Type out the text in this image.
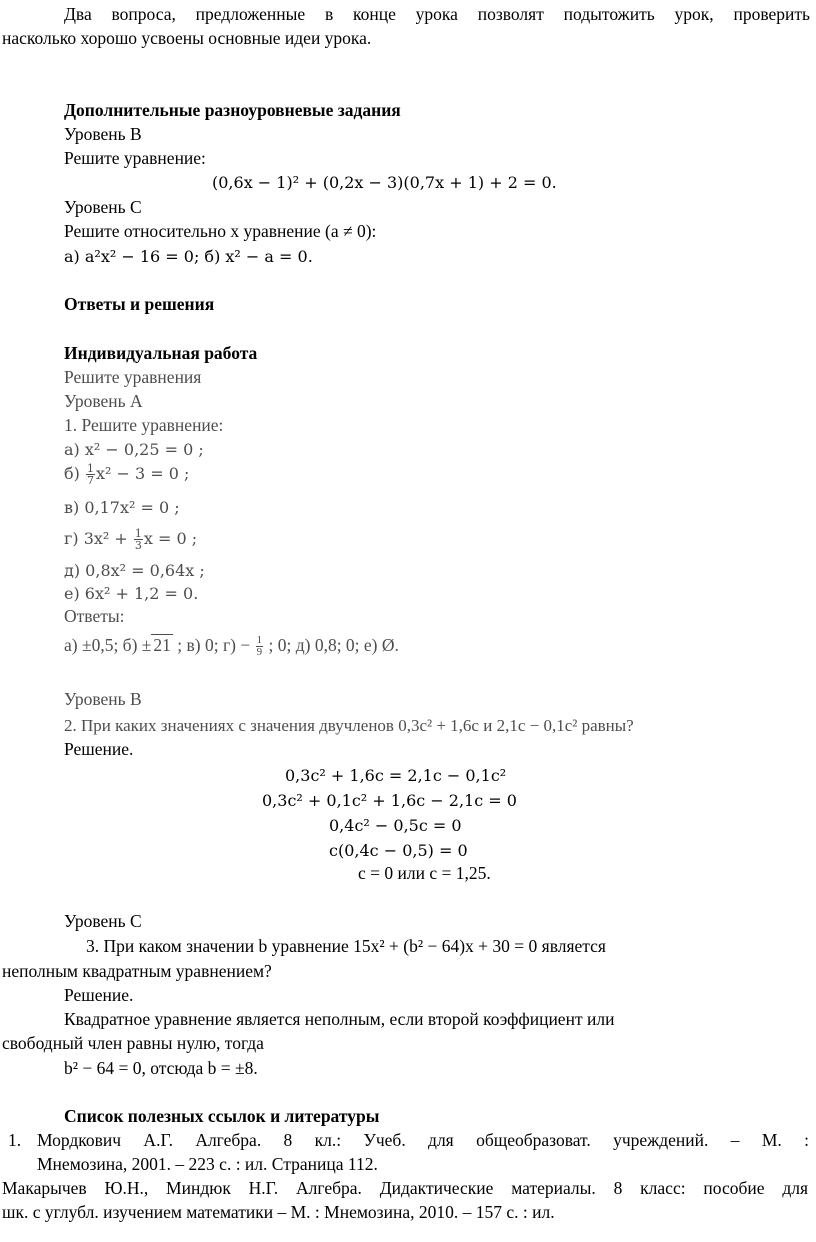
Два вопроса, предложенные в конце урока позволят подытожить урок, проверить
насколько хорошо усвоены основные идеи урока.
Дополнительные разноуровневые задания
Уровень B
Решите уравнение:
(0,6x − 1)² + (0,2x − 3)(0,7x + 1) + 2 = 0.
Уровень C
Решите относительно x уравнение (a ≠ 0):
а) a²x² − 16 = 0; б) x² − a = 0.
Ответы и решения
Индивидуальная работа
Решите уравнения
Уровень А
1. Решите уравнение:
а) x² − 0,25 = 0 ;
$б) \frac{1}{7} x^2 - 3 = 0$ ;
в) 0,17x² = 0 ;
г) $3x^2 + \frac{1}{3}$ x = 0 ;
д) 0,8x² = 0,64x ;
е) 6x² + 1,2 = 0.
Ответы:
а) ±0,5; б) ± 21 ; в) 0; $г) - \frac{1}{9}$ ; 0; д) 0,8; 0; е) Ø.
Уровень В
2. При каких значениях c значения двучленов 0,3c² + 1,6c и 2,1c − 0,1c² равны?
Решение.
0,3c² + 1,6c = 2,1c − 0,1c²
0,3c² + 0,1c² + 1,6c − 2,1c = 0
0,4c² − 0,5c = 0
c(0,4c − 0,5) = 0
c = 0 или c = 1,25.
Уровень С
3. При каком значении b уравнение 15x² + (b² − 64)x + 30 = 0 является
неполным квадратным уравнением?
Решение.
Квадратное уравнение является неполным, если второй коэффициент или
свободный член равны нулю, тогда
b² − 64 = 0, отсюда b = ±8.
Список полезных ссылок и литературы
1. Мордкович А.Г. Алгебра. 8 кл.: Учеб. для общеобразоват. учреждений. – М. :
Мнемозина, 2001. – 223 с. : ил. Страница 112.
Макарычев Ю.Н., Миндюк Н.Г. Алгебра. Дидактические материалы. 8 класс: пособие для
шк. с углубл. изучением математики – М. : Мнемозина, 2010. – 157 с. : ил.
